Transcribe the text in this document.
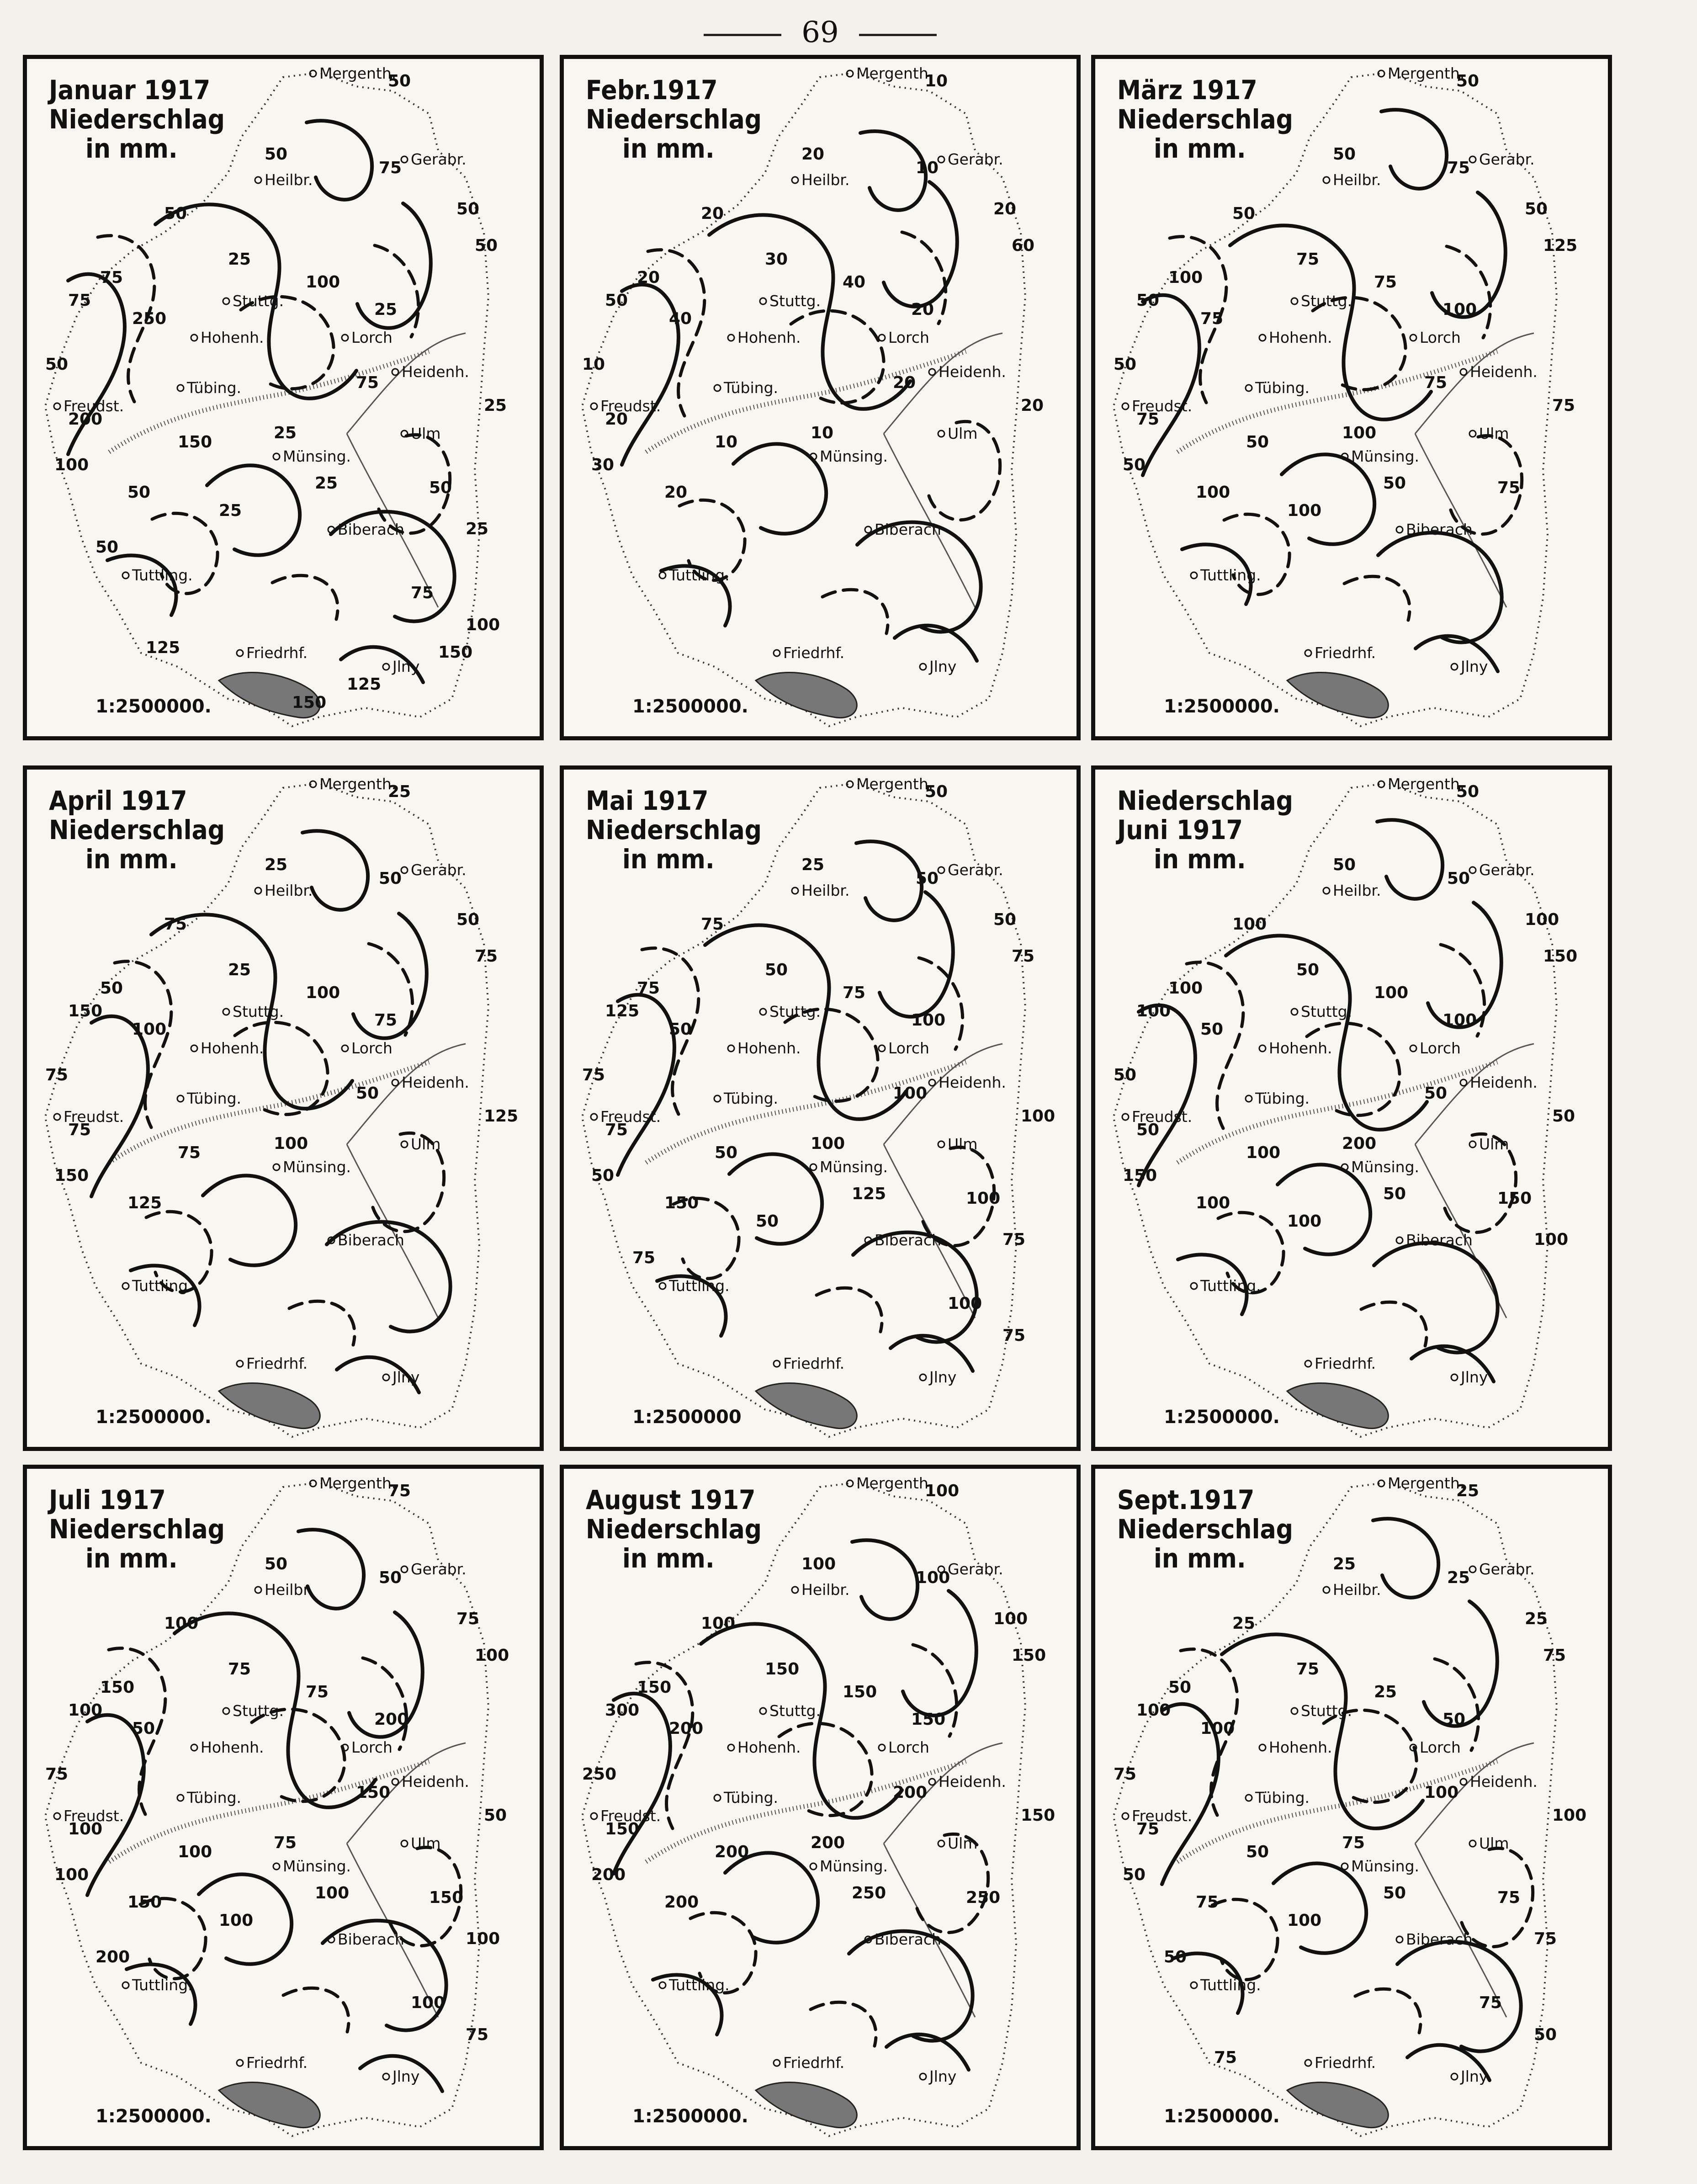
69
50
50
75
50
50
25
75	100
50
75
250	25
50
75
200
150	25
25
100
50	25	50
25
25
50
75
100
125	150
125
150
Mergenth.
Gerabr.
Heilbr.
Stuttg.
Lorch
Hohenh.
Heidenh.
Tübing.
Freudst.
Ulm
Münsing.
Biberach
Tuttling.
Friedrhf.
Jlny
Januar 1917
Niederschlag
in mm.
1:2500000.
10
20
10
20
20
30
20	40
60
50
40	20
10
20
20
10	10
20
30
20
Mergenth.
Gerabr.
Heilbr.
Stuttg.
Lorch
Hohenh.
Heidenh.
Tübing.
Freudst.
Ulm
Münsing.
Biberach
Tuttling.
Friedrhf.
Jlny
Febr.1917
Niederschlag
in mm.
1:2500000.
50
50
75
50
50
75
100	75
125
50
75	100
50
75
75
50	100
75
50
100	50	75
100
Mergenth.
Gerabr.
Heilbr.
Stuttg.
Lorch
Hohenh.
Heidenh.
Tübing.
Freudst.
Ulm
Münsing.
Biberach
Tuttling.
Friedrhf.
Jlny
März 1917
Niederschlag
in mm.
1:2500000.
25
25
50
50
75
25
50	100
75
150
100	75
75
50
75
75	100
125
150
125
Mergenth.
Gerabr.
Heilbr.
Stuttg.
Lorch
Hohenh.
Heidenh.
Tübing.
Freudst.
Ulm
Münsing.
Biberach
Tuttling.
Friedrhf.
Jlny
April 1917
Niederschlag
in mm.
1:2500000.
50
25
50
50
75
50
75	75
75
125
50	100
75
100
75
50	100
100
50
150	125	100
50
75
75
100
75
Mergenth.
Gerabr.
Heilbr.
Stuttg.
Lorch
Hohenh.
Heidenh.
Tübing.
Freudst.
Ulm
Münsing.
Biberach
Tuttling.
Friedrhf.
Jlny
Mai 1917
Niederschlag
in mm.
1:2500000
50
50
50
100
100
50
100	100
150
100
50	100
50
50
50
100	200
50
150
100	50	150
100
100
Mergenth.
Gerabr.
Heilbr.
Stuttg.
Lorch
Hohenh.
Heidenh.
Tübing.
Freudst.
Ulm
Münsing.
Biberach
Tuttling.
Friedrhf.
Jlny
Niederschlag
Juni 1917
in mm.
1:2500000.
75
50
50
75
100
75
150	75
100
100
50	200
75
150
100
100	75
50
100
150	100	150
100
100
200
100
75
Mergenth.
Gerabr.
Heilbr.
Stuttg.
Lorch
Hohenh.
Heidenh.
Tübing.
Freudst.
Ulm
Münsing.
Biberach
Tuttling.
Friedrhf.
Jlny
Juli 1917
Niederschlag
in mm.
1:2500000.
100
100
100
100
100
150
150	150
150
300
200	150
250
200
150
200	200
150
200
200	250	250
Mergenth.
Gerabr.
Heilbr.
Stuttg.
Lorch
Hohenh.
Heidenh.
Tübing.
Freudst.
Ulm
Münsing.
Biberach
Tuttling.
Friedrhf.
Jlny
August 1917
Niederschlag
in mm.
1:2500000.
25
25
25
25
25
75
50	25
75
100
100	50
75
100
75
50	75
100
50
75	50	75
100
75
50
75
50
75
Mergenth.
Gerabr.
Heilbr.
Stuttg.
Lorch
Hohenh.
Heidenh.
Tübing.
Freudst.
Ulm
Münsing.
Biberach
Tuttling.
Friedrhf.
Jlny
Sept.1917
Niederschlag
in mm.
1:2500000.
